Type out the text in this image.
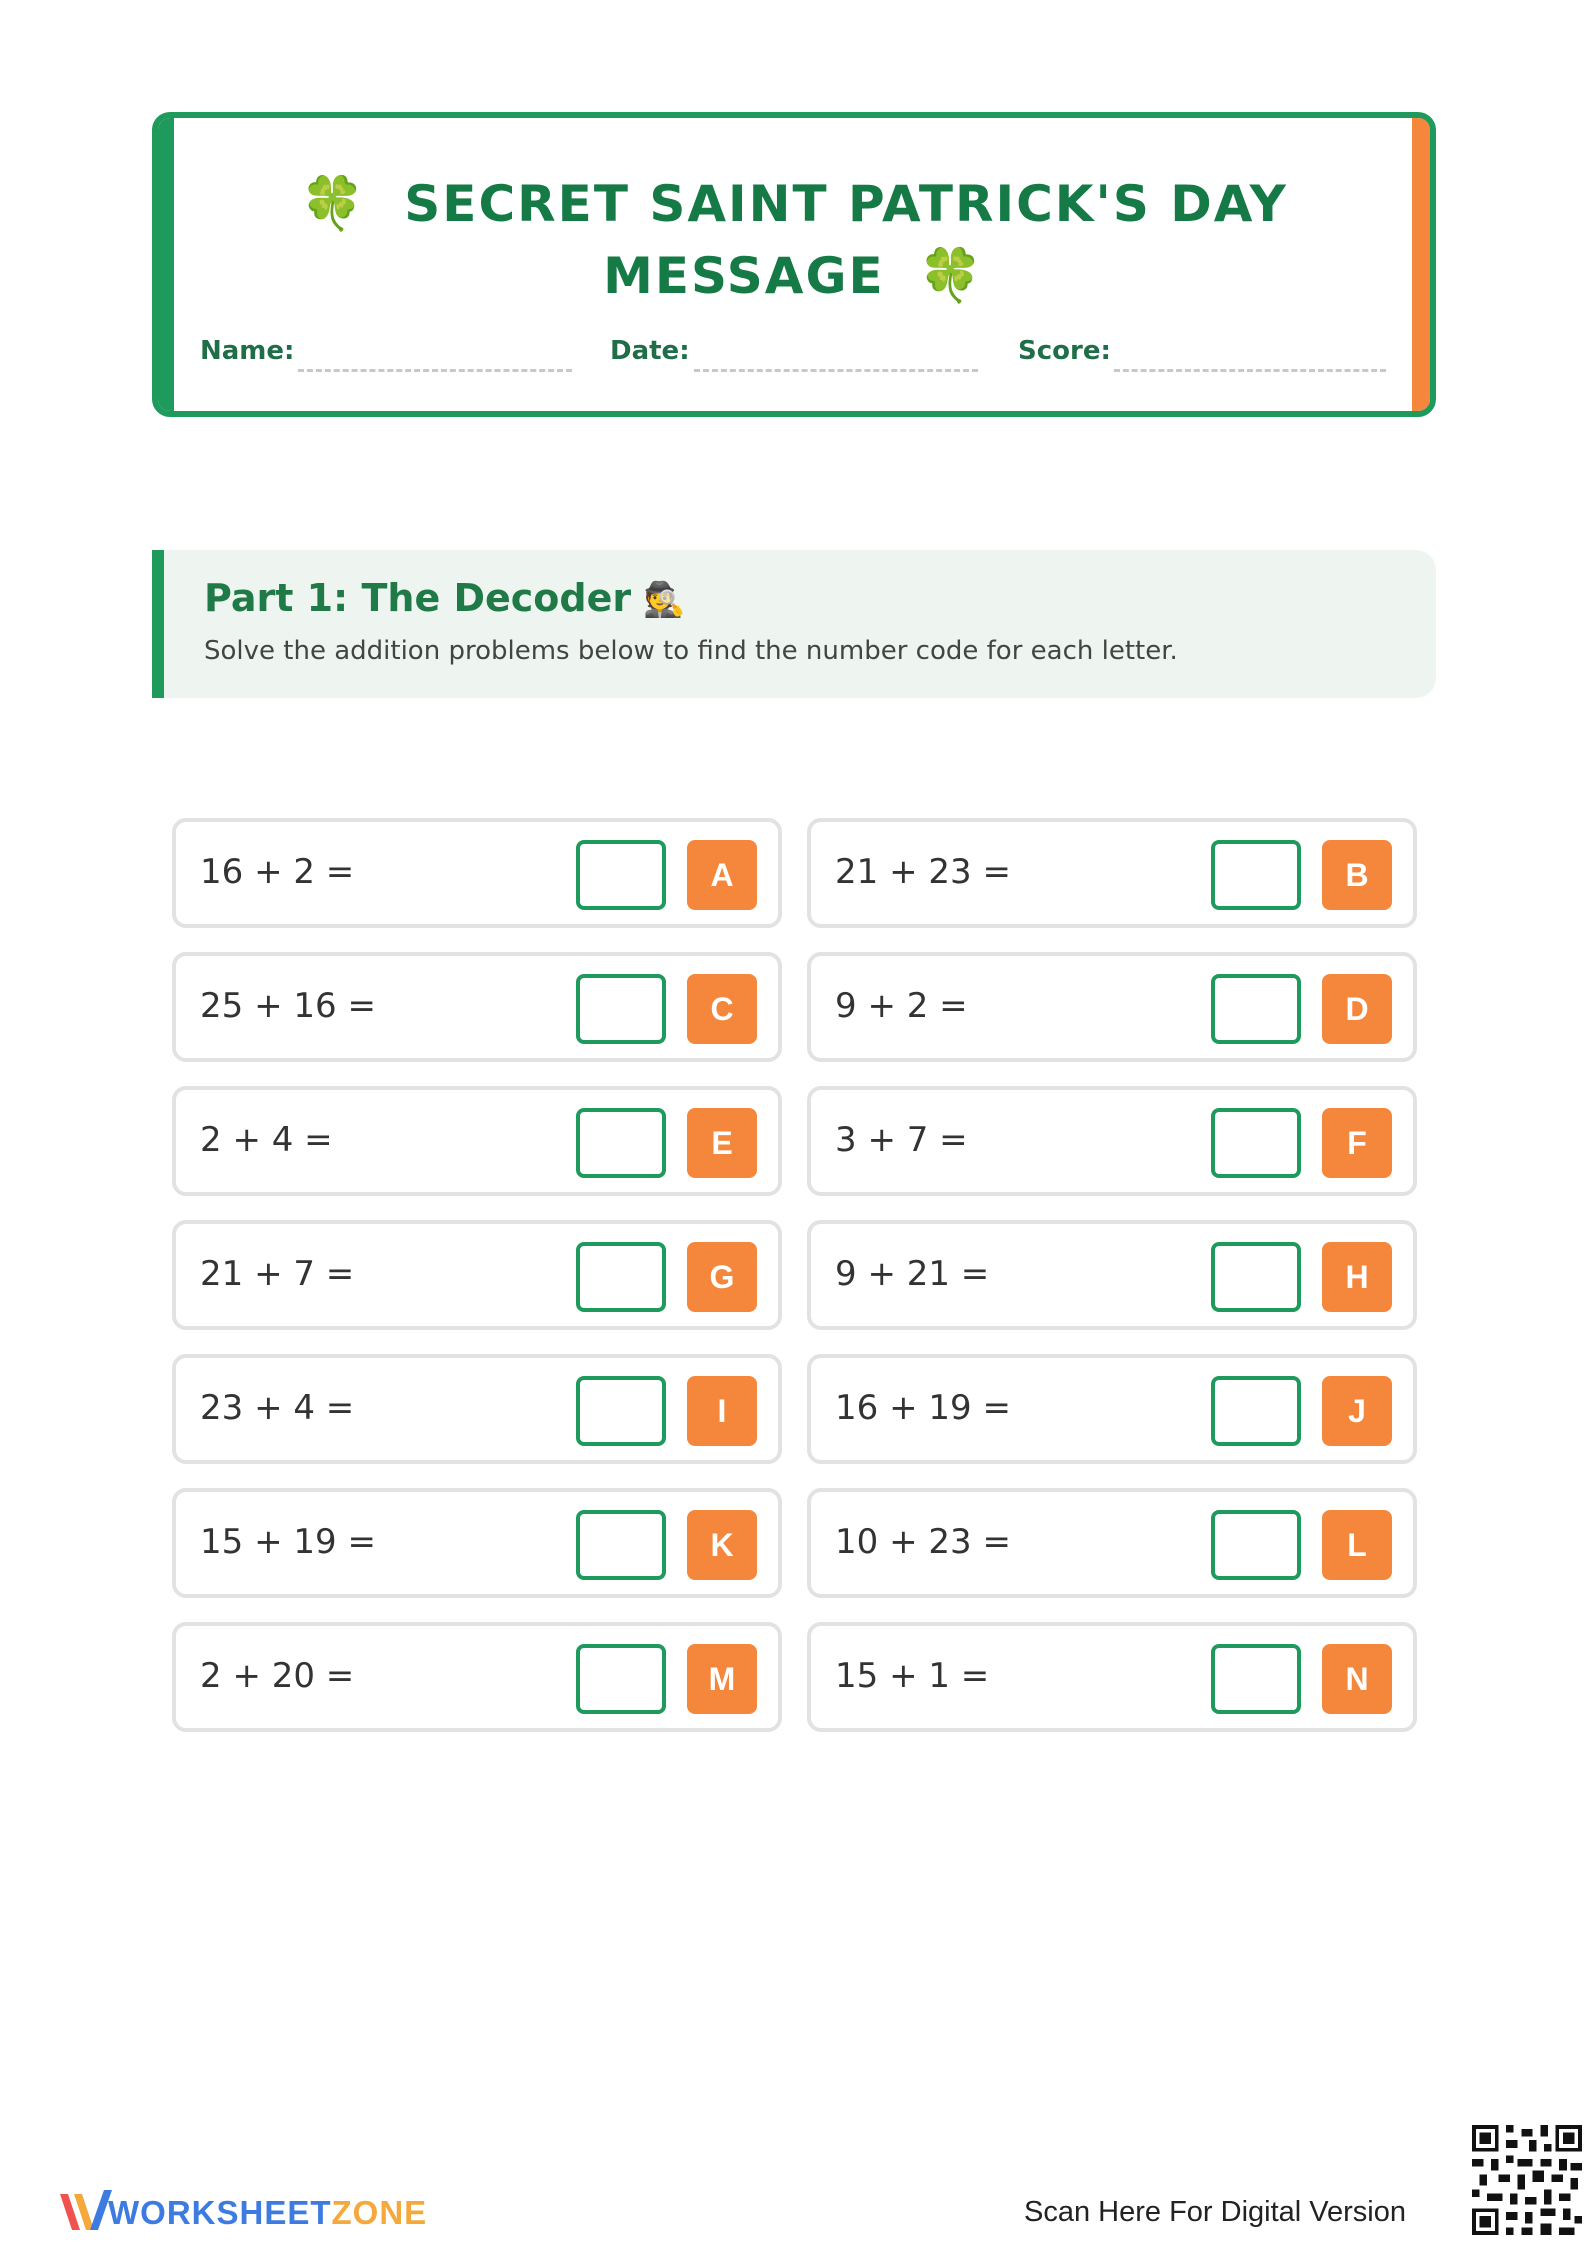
🍀 SECRET SAINT PATRICK'S DAY
MESSAGE 🍀
Name:	Date:	Score:
Part 1: The Decoder 🕵️
Solve the addition problems below to find the number code for each letter.
16 + 2 =	A	21 + 23 =	B
25 + 16 =	C	9 + 2 =	D
2 + 4 =	E	3 + 7 =	F
21 + 7 =	G	9 + 21 =	H
23 + 4 =	I	16 + 19 =	J
15 + 19 =	K	10 + 23 =	L
2 + 20 =	M	15 + 1 =	N
WORKSHEETZONE	Scan Here For Digital Version
